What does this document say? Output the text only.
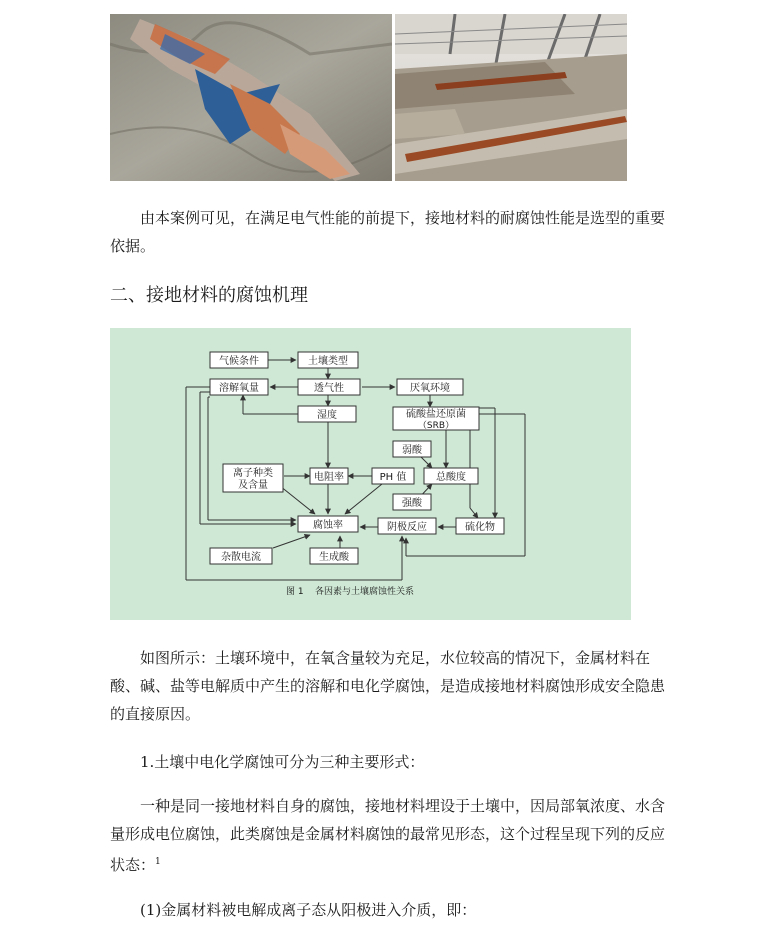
由本案例可见，在满足电气性能的前提下，接地材料的耐腐蚀性能是选型的重要依据。

二、接地材料的腐蚀机理
气候条件	土壤类型
溶解氧量	透气性	厌氧环境
湿度	硫酸盐还原菌
（SRB）
弱酸
离子种类
及含量
电阻率	PH 值	总酸度
强酸
腐蚀率	阴极反应	硫化物
杂散电流	生成酸
图 1    各因素与土壤腐蚀性关系

如图所示：土壤环境中，在氧含量较为充足，水位较高的情况下，金属材料在酸、碱、盐等电解质中产生的溶解和电化学腐蚀，是造成接地材料腐蚀形成安全隐患的直接原因。

1.土壤中电化学腐蚀可分为三种主要形式：

一种是同一接地材料自身的腐蚀，接地材料埋设于土壤中，因局部氧浓度、水含量形成电位腐蚀，此类腐蚀是金属材料腐蚀的最常见形态，这个过程呈现下列的反应状态：$^1$

(1)金属材料被电解成离子态从阳极进入介质，即：
